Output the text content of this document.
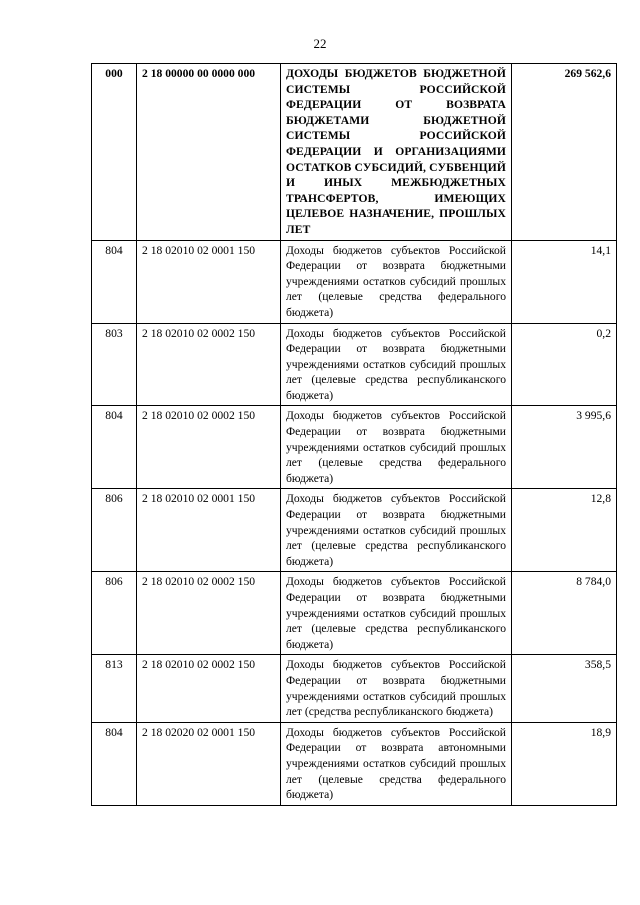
22
000	2 18 00000 00 0000 000	ДОХОДЫ БЮДЖЕТОВ БЮДЖЕТНОЙ СИСТЕМЫ РОССИЙСКОЙ ФЕДЕРАЦИИ ОТ ВОЗВРАТА БЮДЖЕТАМИ БЮДЖЕТНОЙ СИСТЕМЫ РОССИЙСКОЙ ФЕДЕРАЦИИ И ОРГАНИЗАЦИЯМИ ОСТАТКОВ СУБСИДИЙ, СУБВЕНЦИЙ И ИНЫХ МЕЖБЮДЖЕТНЫХ ТРАНСФЕРТОВ, ИМЕЮЩИХ ЦЕЛЕВОЕ НАЗНАЧЕНИЕ, ПРОШЛЫХ ЛЕТ	269 562,6
804	2 18 02010 02 0001 150	Доходы бюджетов субъектов Российской Федерации от возврата бюджетными учреждениями остатков субсидий прошлых лет (целевые средства федерального бюджета)	14,1
803	2 18 02010 02 0002 150	Доходы бюджетов субъектов Российской Федерации от возврата бюджетными учреждениями остатков субсидий прошлых лет (целевые средства республиканского бюджета)	0,2
804	2 18 02010 02 0002 150	Доходы бюджетов субъектов Российской Федерации от возврата бюджетными учреждениями остатков субсидий прошлых лет (целевые средства федерального бюджета)	3 995,6
806	2 18 02010 02 0001 150	Доходы бюджетов субъектов Российской Федерации от возврата бюджетными учреждениями остатков субсидий прошлых лет (целевые средства республиканского бюджета)	12,8
806	2 18 02010 02 0002 150	Доходы бюджетов субъектов Российской Федерации от возврата бюджетными учреждениями остатков субсидий прошлых лет (целевые средства республиканского бюджета)	8 784,0
813	2 18 02010 02 0002 150	Доходы бюджетов субъектов Российской Федерации от возврата бюджетными учреждениями остатков субсидий прошлых лет (средства республиканского бюджета)	358,5
804	2 18 02020 02 0001 150	Доходы бюджетов субъектов Российской Федерации от возврата автономными учреждениями остатков субсидий прошлых лет (целевые средства федерального бюджета)	18,9
